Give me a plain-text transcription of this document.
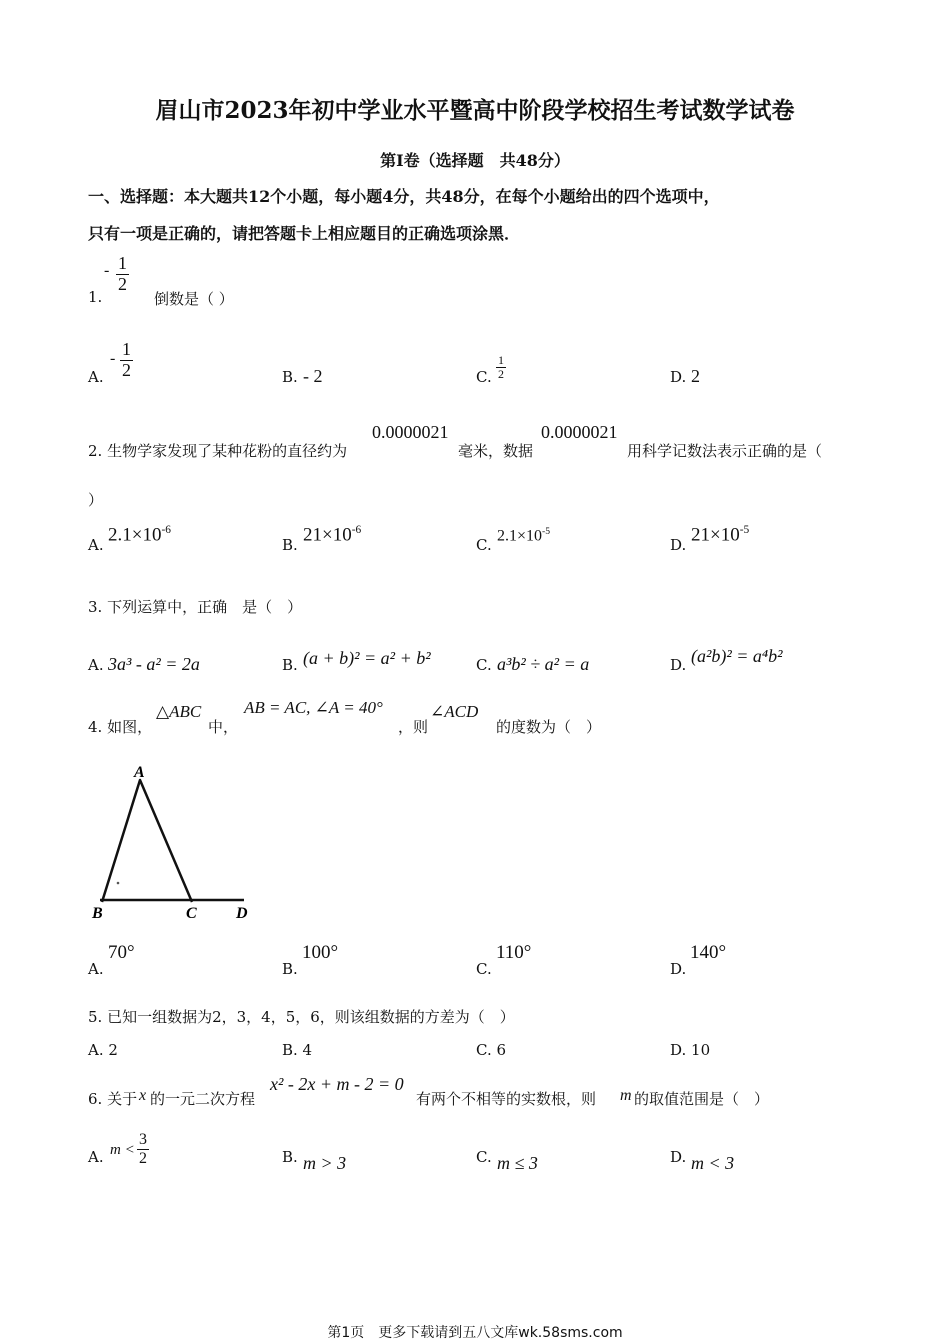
眉山市2023年初中学业水平暨高中阶段学校招生考试数学试卷
第I卷（选择题　共48分）
一、选择题：本大题共12个小题，每小题4分，共48分，在每个小题给出的四个选项中，
只有一项是正确的，请把答题卡上相应题目的正确选项涂黑．
1.
- $\frac{1}{2}$
倒数是（ ）
A.
- $\frac{1}{2}$	B. - 2	C. $\frac{1}{2}$	D. 2
2. 生物学家发现了某种花粉的直径约为
0.0000021
毫米，数据
0.0000021
用科学记数法表示正确的是（
）
A. $2.1\times 10^{-6}$
B. $21\times 10^{-6}$
C.
$2.1\times 10^{-5}$
D. $21\times 10^{-5}$
3. 下列运算中，正确　是（　）
A. 3a³ - a² = 2a	B. (a + b)² = a² + b²	C. a³b² ÷ a² = a	D. (a²b)² = a⁴b²
4. 如图，
△ABC
中，
AB = AC, ∠A = 40°
，则
∠ACD
的度数为（　）
A
B	C D
A.
70°
B.
100°
C.
110°
D.
140°
5. 已知一组数据为2，3，4，5，6，则该组数据的方差为（　）
A. 2	B. 4	C. 6	D. 10
6. 关于 x 的一元二次方程
x² - 2x + m - 2 = 0
有两个不相等的实数根，则 m 的取值范围是（　）
A. $m < \frac{3}{2}$	B. m > 3	C. m ≤ 3	D. m < 3
第1页　更多下载请到五八文库wk.58sms.com
